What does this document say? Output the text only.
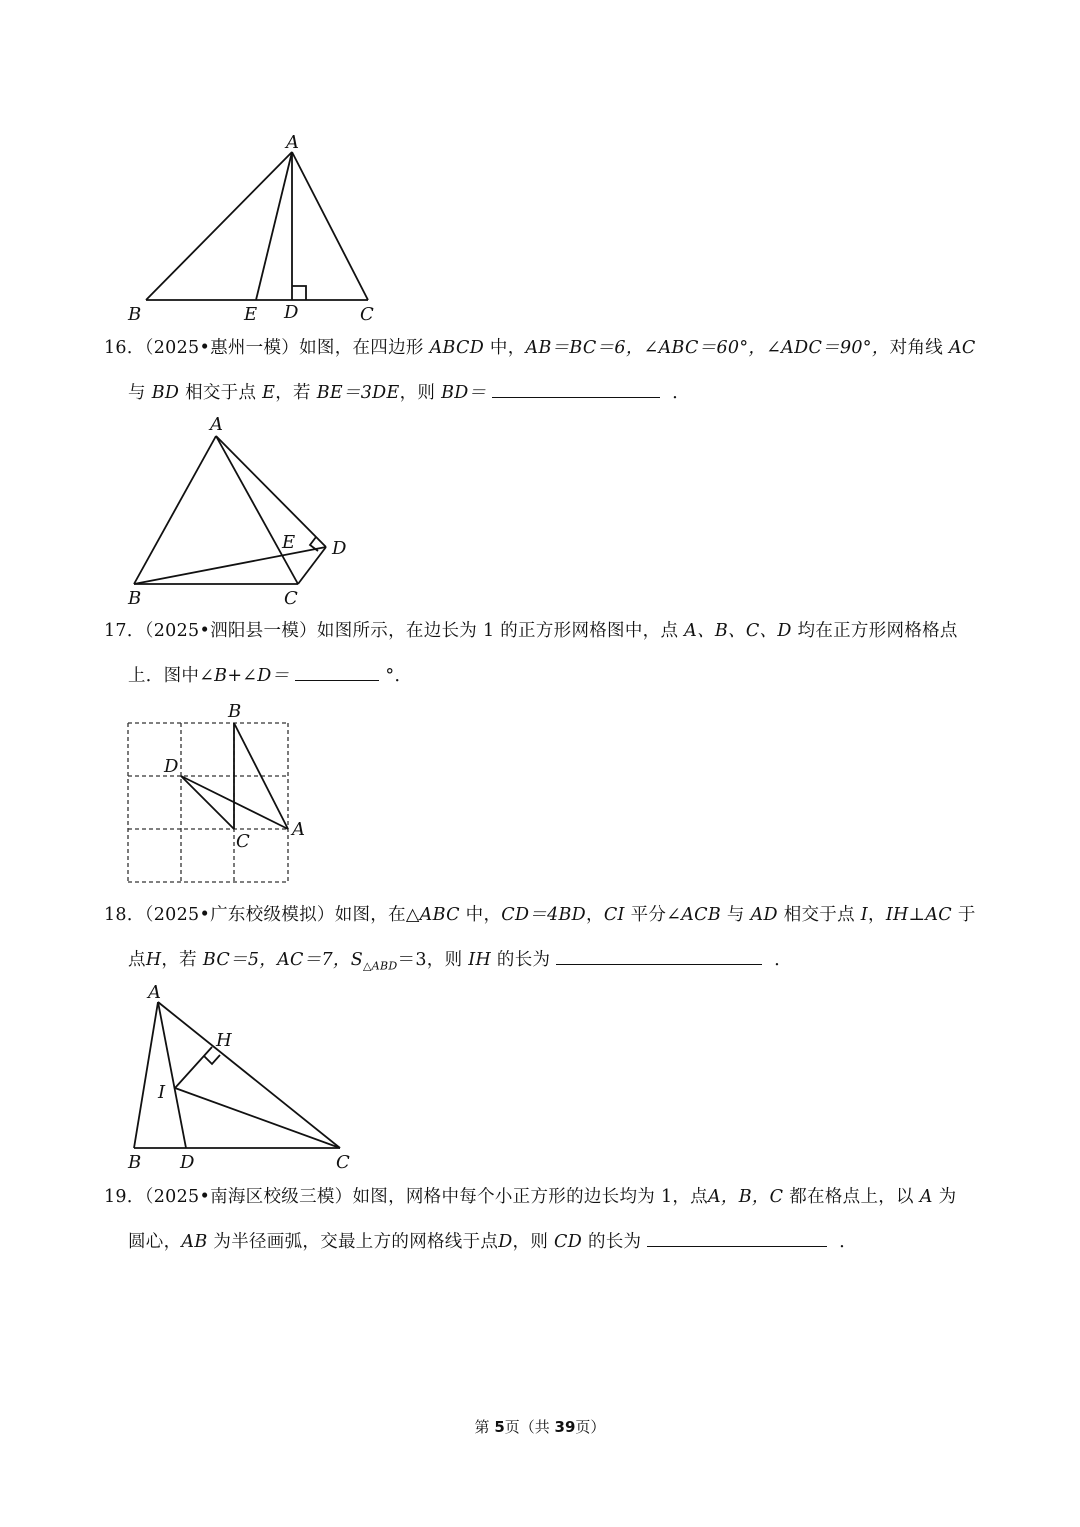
A
B	E D	C
16．（2025•惠州一模）如图，在四边形 ABCD 中，AB＝BC＝6，∠ABC＝60°，∠ADC＝90°，对角线 AC
与 BD 相交于点 E，若 BE＝3DE，则 BD＝	．
A
B	C
D
E
17．（2025•泗阳县一模）如图所示，在边长为 1 的正方形网格图中，点 A、B、C、D 均在正方形网格格点
上．图中∠B+∠D＝	°．
B
D
C
A
18．（2025•广东校级模拟）如图，在△ABC 中，CD＝4BD，CI 平分∠ACB 与 AD 相交于点 I，IH⊥AC 于
点H，若 BC＝5，AC＝7，$S_{\triangle ABD}=3$，则 IH 的长为	．
A
H
I
B D	C
19．（2025•南海区校级三模）如图，网格中每个小正方形的边长均为 1，点A，B，C 都在格点上，以 A 为
圆心，AB 为半径画弧，交最上方的网格线于点D，则 CD 的长为	．
第 5页（共 39页）
